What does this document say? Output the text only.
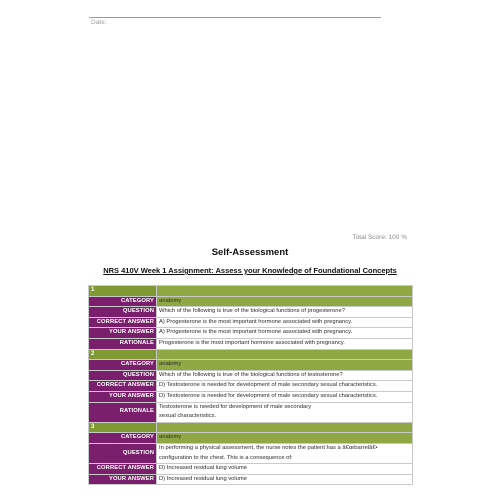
Date:
Total Score: 100 %
Self-Assessment
NRS 410V Week 1 Assignment: Assess your Knowledge of Foundational Concepts
1	
CATEGORY	anatomy
QUESTION	Which of the following is true of the biological functions of progesterone?
CORRECT ANSWER	A) Progesterone is the most important hormone associated with pregnancy.
YOUR ANSWER	A) Progesterone is the most important hormone associated with pregnancy.
RATIONALE	Progesterone is the most important hormone associated with pregnancy.
2	
CATEGORY	anatomy
QUESTION	Which of the following is true of the biological functions of testosterone?
CORRECT ANSWER	D) Testosterone is needed for development of male secondary sexual characteristics.
YOUR ANSWER	D) Testosterone is needed for development of male secondary sexual characteristics.
RATIONALE	Testosterone is needed for development of male secondary sexual characteristics.
3	
CATEGORY	anatomy
QUESTION	In performing a physical assessment, the nurse notes the patient has a â€œbarrelâ€• configuration to the chest. This is a consequence of:
CORRECT ANSWER	D) Increased residual lung volume
YOUR ANSWER	D) Increased residual lung volume
